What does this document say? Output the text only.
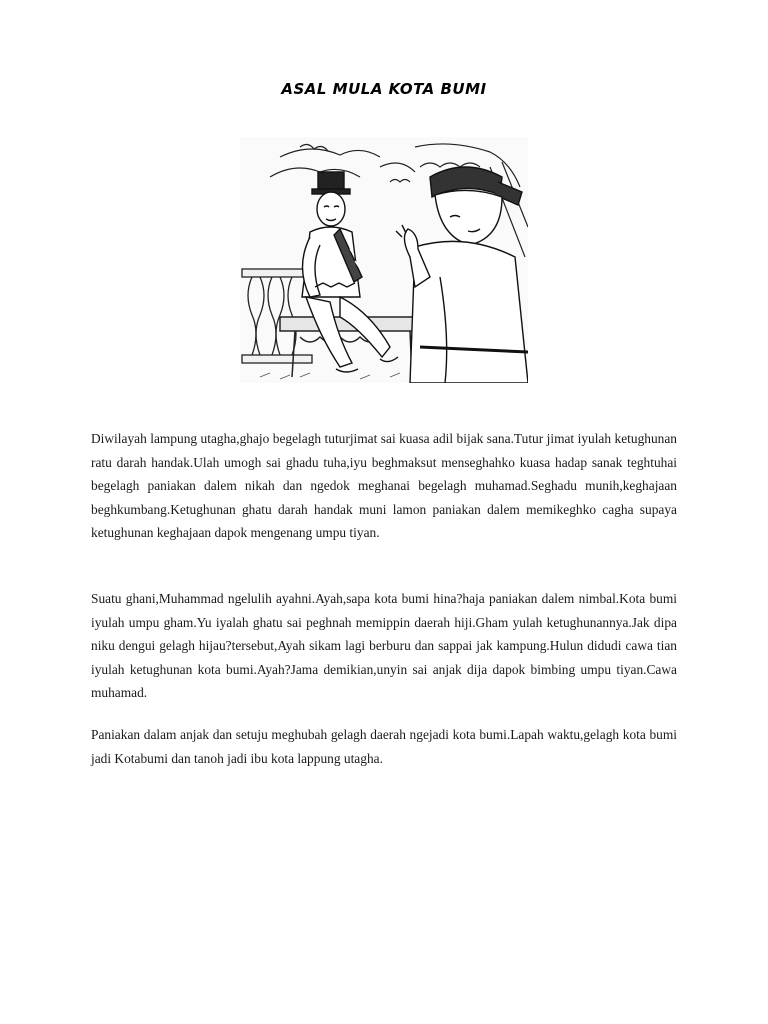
ASAL MULA KOTA BUMI

Diwilayah lampung utagha,ghajo begelagh tuturjimat sai kuasa adil bijak sana.Tutur jimat iyulah ketughunan ratu darah handak.Ulah umogh sai ghadu tuha,iyu beghmaksut menseghahko kuasa hadap sanak teghtuhai begelagh paniakan dalem nikah dan ngedok meghanai begelagh muhamad.Seghadu munih,keghajaan beghkumbang.Ketughunan ghatu darah handak muni lamon paniakan dalem memikeghko cagha supaya ketughunan keghajaan dapok mengenang umpu tiyan.

Suatu ghani,Muhammad ngelulih ayahni.Ayah,sapa kota bumi hina?haja paniakan dalem nimbal.Kota bumi iyulah umpu gham.Yu iyalah ghatu sai peghnah memippin daerah hiji.Gham yulah ketughunannya.Jak dipa niku dengui gelagh hijau?tersebut,Ayah sikam lagi berburu dan sappai jak kampung.Hulun didudi cawa tian iyulah ketughunan kota bumi.Ayah?Jama demikian,unyin sai anjak dija dapok bimbing umpu tiyan.Cawa muhamad.

Paniakan dalam anjak dan setuju meghubah gelagh daerah ngejadi kota bumi.Lapah waktu,gelagh kota bumi jadi Kotabumi dan tanoh jadi ibu kota lappung utagha.
